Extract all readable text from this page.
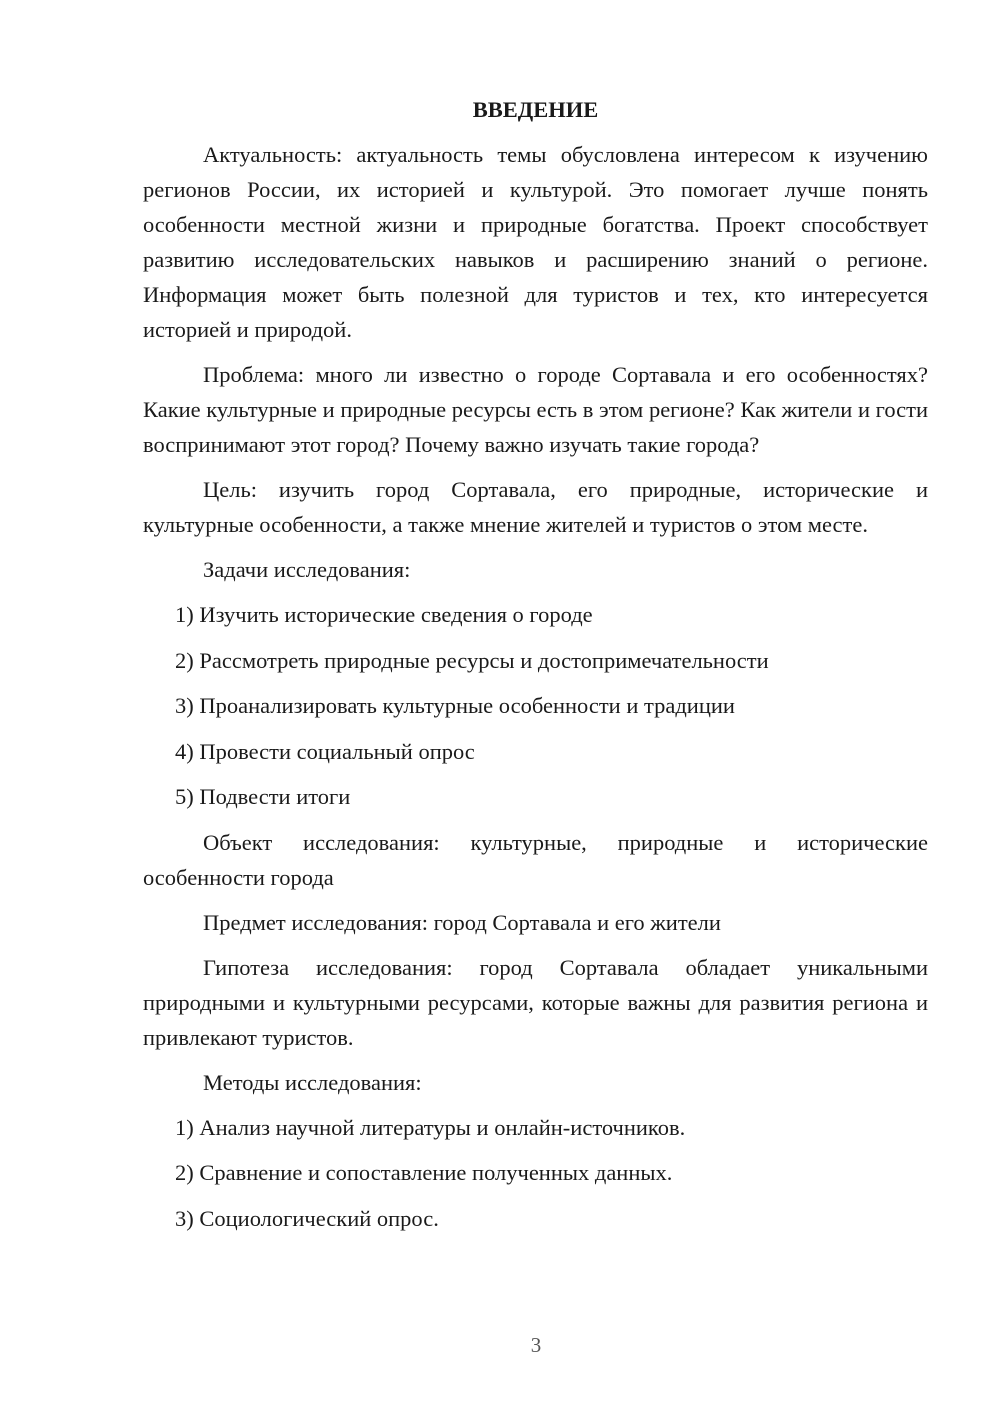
ВВЕДЕНИЕ

Актуальность: актуальность темы обусловлена интересом к изучению регионов России, их историей и культурой. Это помогает лучше понять особенности местной жизни и природные богатства. Проект способствует развитию исследовательских навыков и расширению знаний о регионе. Информация может быть полезной для туристов и тех, кто интересуется историей и природой.

Проблема: много ли известно о городе Сортавала и его особенностях? Какие культурные и природные ресурсы есть в этом регионе? Как жители и гости воспринимают этот город? Почему важно изучать такие города?

Цель: изучить город Сортавала, его природные, исторические и культурные особенности, а также мнение жителей и туристов о этом месте.

Задачи исследования:

1) Изучить исторические сведения о городе
2) Рассмотреть природные ресурсы и достопримечательности
3) Проанализировать культурные особенности и традиции
4) Провести социальный опрос
5) Подвести итоги

Объект исследования: культурные, природные и исторические особенности города

Предмет исследования: город Сортавала и его жители

Гипотеза исследования: город Сортавала обладает уникальными природными и культурными ресурсами, которые важны для развития региона и привлекают туристов.

Методы исследования:

1) Анализ научной литературы и онлайн-источников.
2) Сравнение и сопоставление полученных данных.
3) Социологический опрос.
3
